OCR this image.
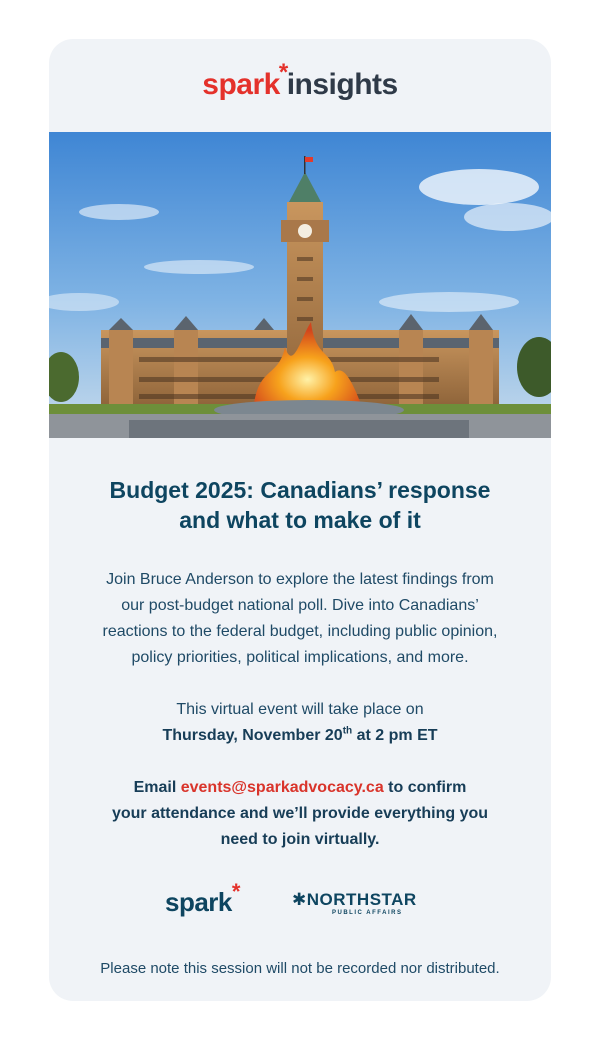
spark*insights
Budget 2025: Canadians’ response
and what to make of it

Join Bruce Anderson to explore the latest findings from
our post-budget national poll. Dive into Canadians’
reactions to the federal budget, including public opinion,
policy priorities, political implications, and more.

This virtual event will take place on

Thursday, November 20th at 2 pm ET

Email events@sparkadvocacy.ca to confirm
your attendance and we’ll provide everything you
need to join virtually.

spark*	✱NORTHSTAR
PUBLIC AFFAIRS

Please note this session will not be recorded nor distributed.
